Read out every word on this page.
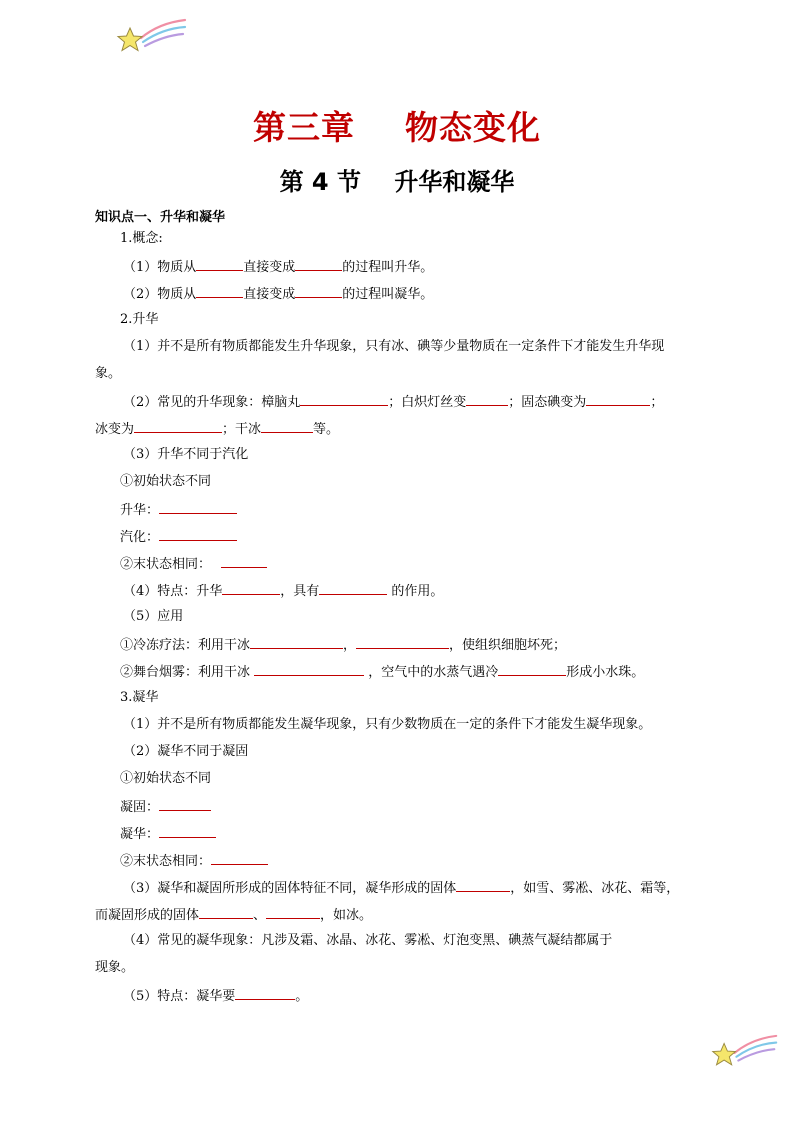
第三章    物态变化
第 4 节    升华和凝华
知识点一、升华和凝华
1.概念:
（1）物质从	直接变成	的过程叫升华。
（2）物质从	直接变成	的过程叫凝华。
2.升华
（1）并不是所有物质都能发生升华现象，只有冰、碘等少量物质在一定条件下才能发生升华现
象。
（2）常见的升华现象：樟脑丸	；白炽灯丝变	；固态碘变为	；
冰变为	；干冰	等。
（3）升华不同于汽化
①初始状态不同
升华：
汽化：
②末状态相同：
（4）特点：升华	，具有	的作用。
（5）应用
①冷冻疗法：利用干冰	，	，使组织细胞坏死；
②舞台烟雾：利用干冰	，空气中的水蒸气遇冷	形成小水珠。
3.凝华
（1）并不是所有物质都能发生凝华现象，只有少数物质在一定的条件下才能发生凝华现象。
（2）凝华不同于凝固
①初始状态不同
凝固：
凝华：
②末状态相同：
（3）凝华和凝固所形成的固体特征不同，凝华形成的固体	，如雪、雾凇、冰花、霜等，
而凝固形成的固体	、	，如冰。
（4）常见的凝华现象：凡涉及霜、冰晶、冰花、雾凇、灯泡变黑、碘蒸气凝结都属于
现象。
（5）特点：凝华要	。
